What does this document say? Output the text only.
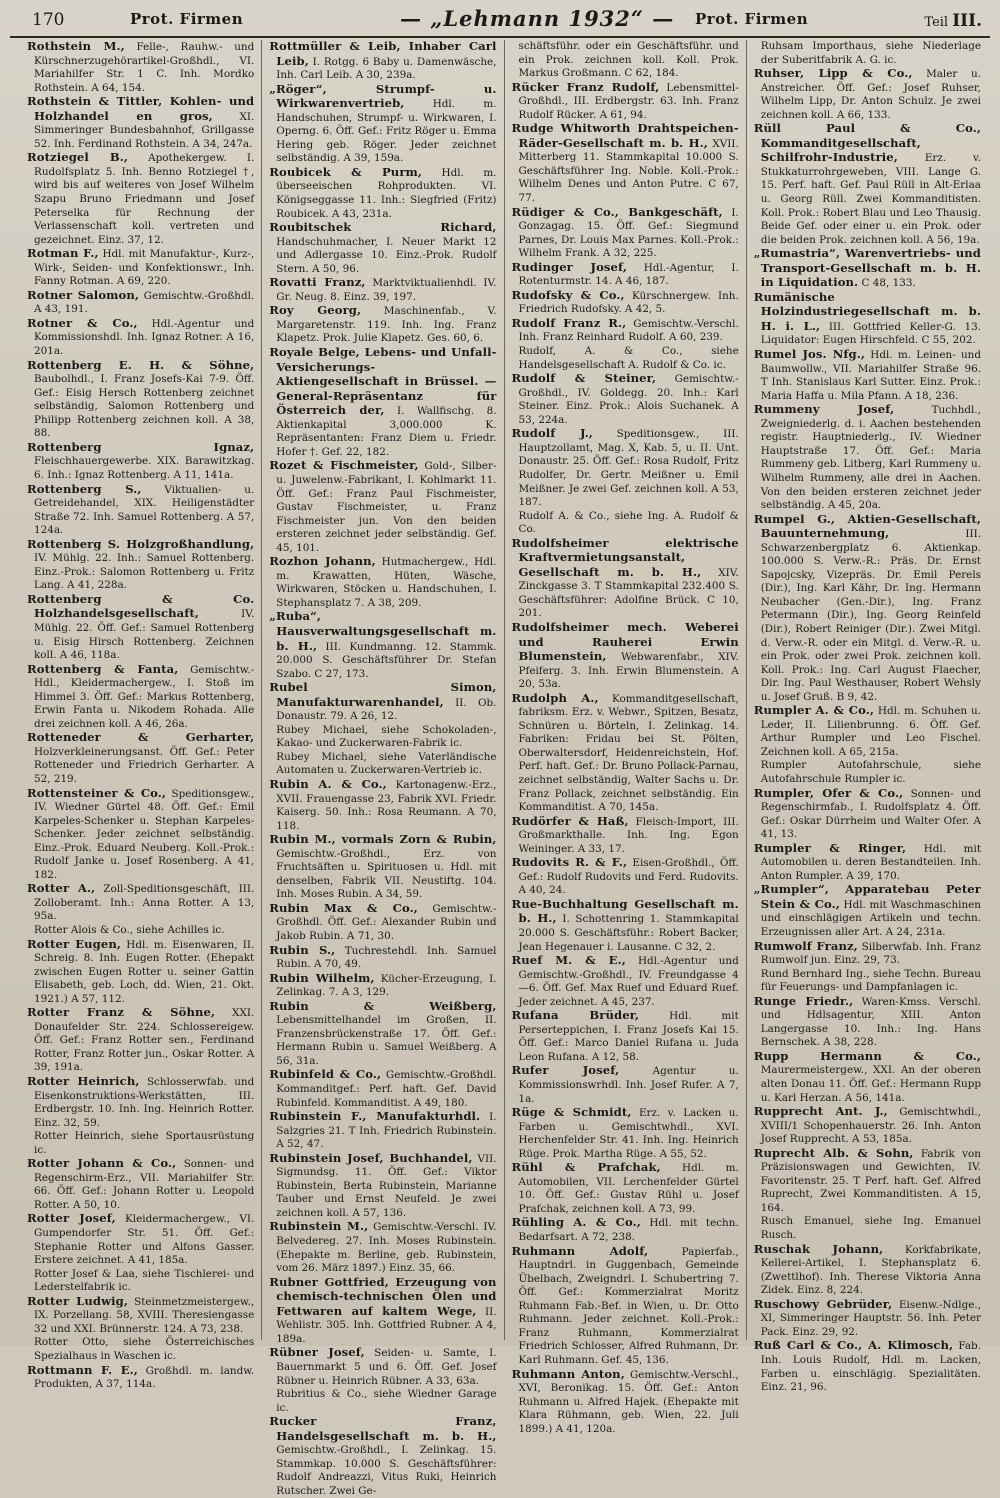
170	Prot. Firmen	— „Lehmann 1932“ — Prot. Firmen	Teil III.
Rothstein M., Felle-, Rauhw.- und Kürschnerzugehörartikel-Großhdl., VI. Mariahilfer Str. 1 C. Inh. Mordko Rothstein. A 64, 154.
Rothstein & Tittler, Kohlen- und Holzhandel en gros,	XI. Simmeringer Bundesbahnhof, Grillgasse 52. Inh. Ferdinand Rothstein. A 34, 247a.
Rotziegel B., Apothekergew. I. Rudolfsplatz 5. Inh. Benno Rotziegel †, wird bis auf weiteres von Josef Wilhelm Szapu Bruno Friedmann und Josef Peterselka für Rechnung der Verlassenschaft koll. vertreten und gezeichnet. Einz. 37, 12.
Rotman F., Hdl. mit Manufaktur-, Kurz-, Wirk-, Seiden- und Konfektionswr., Inh. Fanny Rotman. A 69, 220.
Rotner Salomon, Gemischtw.-Großhdl. A 43, 191.
Rotner & Co., Hdl.-Agentur und Kommissionshdl. Inh. Ignaz Rotner. A 16, 201a.
Rottenberg E. H. & Söhne, Baubolhdl., I. Franz Josefs-Kai 7-9. Öff. Gef.: Eisig Hersch Rottenberg zeichnet selbständig, Salomon Rottenberg und Philipp Rottenberg zeichnen koll. A 38, 88.
Rottenberg Ignaz, Fleischhauergewerbe. XIX. Barawitzkag. 6. Inh.: Ignaz Rottenberg. A 11, 141a.
Rottenberg S., Viktualien- u. Getreidehandel, XIX. Heiligenstädter Straße 72. Inh. Samuel Rottenberg. A 57, 124a.
Rottenberg S. Holzgroßhandlung, IV. Mühlg. 22. Inh.: Samuel Rottenberg. Einz.-Prok.: Salomon Rottenberg u. Fritz Lang. A 41, 228a.
Rottenberg & Co. Holzhandelsgesellschaft,	IV. Mühlg. 22. Öff. Gef.: Samuel Rottenberg u. Eisig Hirsch Rottenberg. Zeichnen koll. A 46, 118a.
Rottenberg & Fanta, Gemischtw.-Hdl., Kleidermachergew., I. Stoß im Himmel 3. Öff. Gef.: Markus Rottenberg, Erwin Fanta u. Nikodem Rohada. Alle drei zeichnen koll. A 46, 26a.
Rotteneder & Gerharter, Holzverkleinerungsanst. Öff. Gef.: Peter Rotteneder und Friedrich Gerharter. A 52, 219.
Rottensteiner & Co., Speditionsgew., IV. Wiedner Gürtel 48. Öff. Gef.: Emil Karpeles-Schenker u. Stephan Karpeles-Schenker. Jeder zeichnet selbständig. Einz.-Prok. Eduard Neuberg. Koll.-Prok.: Rudolf Janke u. Josef Rosenberg. A 41, 182.
Rotter A., Zoll-Speditionsgeschäft, III. Zolloberamt. Inh.: Anna Rotter. A 13, 95a.
Rotter Alois & Co., siehe Achilles ic.
Rotter Eugen, Hdl. m. Eisenwaren, II. Schreig. 8. Inh. Eugen Rotter. (Ehepakt zwischen Eugen Rotter u. seiner Gattin Elisabeth, geb. Loch, dd. Wien, 21. Okt. 1921.) A 57, 112.
Rotter Franz & Söhne, XXI. Donaufelder Str. 224. Schlossereigew. Öff. Gef.: Franz Rotter sen., Ferdinand Rotter, Franz Rotter jun., Oskar Rotter. A 39, 191a.
Rotter Heinrich, Schlosserwfab. und Eisenkonstruktions-Werkstätten, III. Erdbergstr. 10. Inh. Ing. Heinrich Rotter. Einz. 32, 59.
Rotter Heinrich, siehe Sportausrüstung ic.
Rotter Johann & Co., Sonnen- und Regenschirm-Erz., VII. Mariahilfer Str. 66. Öff. Gef.: Johann Rotter u. Leopold Rotter. A 50, 10.
Rotter Josef, Kleidermachergew., VI. Gumpendorfer Str. 51. Öff. Gef.: Stephanie Rotter und Alfons Gasser. Erstere zeichnet. A 41, 185a.
Rotter Josef & Laa, siehe Tischlerei- und Lederstelfabrik ic.
Rotter Ludwig, Steinmetzmeistergew., IX. Porzellang. 58, XVIII. Theresiengasse 32 und XXI. Brünnerstr. 124. A 73, 238.
Rotter Otto, siehe Österreichisches Spezialhaus in Waschen ic.
Rottmann F. E., Großhdl. m. landw. Produkten, A 37, 114a.
Rottmüller & Leib, Inhaber Carl Leib, I. Rotgg. 6 Baby u. Damenwäsche, Inh. Carl Leib. A 30, 239a.
„Röger“, Strumpf- u. Wirkwarenvertrieb,	Hdl. m. Handschuhen, Strumpf- u. Wirkwaren, I. Operng. 6. Öff. Gef.: Fritz Röger u. Emma Hering geb. Röger. Jeder zeichnet selbständig. A 39, 159a.
Roubicek & Purm, Hdl. m. überseeischen Rohprodukten. VI. Königseggasse 11. Inh.: Siegfried (Fritz) Roubicek. A 43, 231a.
Roubitschek Richard, Handschuhmacher, I. Neuer Markt 12 und Adlergasse 10. Einz.-Prok. Rudolf Stern. A 50, 96.
Rovatti Franz, Marktviktualienhdl. IV. Gr. Neug. 8. Einz. 39, 197.
Roy Georg, Maschinenfab., V. Margaretenstr. 119. Inh. Ing. Franz Klapetz. Prok. Julie Klapetz. Ges. 60, 6.
Royale Belge, Lebens- und Unfall-Versicherungs-Aktiengesellschaft in Brüssel. — General-Repräsentanz für Österreich der, I. Wallfischg. 8. Aktienkapital 3,000.000 K. Repräsentanten: Franz Diem u. Friedr. Hofer †. Gef. 22, 182.
Rozet & Fischmeister, Gold-, Silber- u. Juwelenw.-Fabrikant, I. Kohlmarkt 11. Öff. Gef.: Franz Paul Fischmeister, Gustav Fischmeister, u. Franz Fischmeister jun. Von den beiden ersteren zeichnet jeder selbständig. Gef. 45, 101.
Rozhon Johann, Hutmachergew., Hdl. m. Krawatten, Hüten, Wäsche, Wirkwaren, Stöcken u. Handschuhen, I. Stephansplatz 7. A 38, 209.
„Ruba“, Hausverwaltungsgesellschaft m. b. H., III. Kundmanng. 12. Stammk. 20.000 S. Geschäftsführer Dr. Stefan Szabo. C 27, 173.
Rubel Simon, Manufakturwarenhandel, II. Ob. Donaustr. 79. A 26, 12.
Rubey Michael, siehe Schokoladen-, Kakao- und Zuckerwaren-Fabrik ic.
Rubey Michael, siehe Vaterländische Automaten u. Zuckerwaren-Vertrieb ic.
Rubin A. & Co., Kartonagenw.-Erz., XVII. Frauengasse 23, Fabrik XVI. Friedr. Kaiserg. 50. Inh.: Rosa Reumann. A 70, 118.
Rubin M., vormals Zorn & Rubin, Gemischtw.-Großhdl., Erz. von Fruchtsäften u. Spirituosen u. Hdl. mit denselben, Fabrik VII. Neustiftg. 104. Inh. Moses Rubin. A 34, 59.
Rubin Max & Co., Gemischtw.-Großhdl. Öff. Gef.: Alexander Rubin und Jakob Rubin. A 71, 30.
Rubin S., Tuchrestehdl. Inh. Samuel Rubin. A 70, 49.
Rubin Wilhelm, Kücher-Erzeugung, I. Zelinkag. 7. A 3, 129.
Rubin & Weißberg, Lebensmittelhandel im Großen, II. Franzensbrückenstraße 17. Öff. Gef.: Hermann Rubin u. Samuel Weißberg. A 56, 31a.
Rubinfeld & Co., Gemischtw.-Großhdl. Kommanditgef.: Perf. haft. Gef. David Rubinfeld. Kommanditist. A 49, 180.
Rubinstein F., Manufakturhdl. I. Salzgries 21. T Inh. Friedrich Rubinstein. A 52, 47.
Rubinstein Josef, Buchhandel, VII. Sigmundsg. 11. Öff. Gef.: Viktor Rubinstein, Berta Rubinstein, Marianne Tauber und Ernst Neufeld. Je zwei zeichnen koll. A 57, 136.
Rubinstein M., Gemischtw.-Verschl. IV. Belvedereg. 27. Inh. Moses Rubinstein. (Ehepakte m. Berline, geb. Rubinstein, vom 26. März 1897.) Einz. 35, 66.
Rubner Gottfried, Erzeugung von chemisch-technischen Ölen und Fettwaren auf kaltem Wege, II. Wehlistr. 305. Inh. Gottfried Rubner. A 4, 189a.
Rübner Josef, Seiden- u. Samte, I. Bauernmarkt 5 und 6. Öff. Gef. Josef Rübner u. Heinrich Rübner. A 33, 63a.
Rubritius & Co., siehe Wiedner Garage ic.
Rucker Franz, Handelsgesellschaft m. b. H., Gemischtw.-Großhdl., I. Zelinkag. 15. Stammkap. 10.000 S. Geschäftsführer: Rudolf Andreazzi, Vitus Ruki, Heinrich Rutscher. Zwei Ge-
schäftsführ. oder ein Geschäftsführ. und ein Prok. zeichnen koll. Koll. Prok. Markus Großmann. C 62, 184.
Rücker Franz Rudolf, Lebensmittel-Großhdl., III. Erdbergstr. 63. Inh. Franz Rudolf Rücker. A 61, 94.
Rudge Whitworth Drahtspeichen-Räder-Gesellschaft m. b. H., XVII. Mitterberg 11. Stammkapital 10.000 S. Geschäftsführer Ing. Noble. Koll.-Prok.: Wilhelm Denes und Anton Putre. C 67, 77.
Rüdiger & Co., Bankgeschäft, I. Gonzagag. 15. Öff. Gef.: Siegmund Parnes, Dr. Louis Max Parnes. Koll.-Prok.: Wilhelm Frank. A 32, 225.
Rudinger Josef, Hdl.-Agentur, I. Rotenturmstr. 14. A 46, 187.
Rudofsky & Co., Kürschnergew. Inh. Friedrich Rudofsky. A 42, 5.
Rudolf Franz R., Gemischtw.-Verschl. Inh. Franz Reinhard Rudolf. A 60, 239.
Rudolf, A. & Co., siehe Handelsgesellschaft A. Rudolf & Co. ic.
Rudolf & Steiner, Gemischtw.-Großhdl., IV. Goldegg. 20. Inh.: Karl Steiner. Einz. Prok.: Alois Suchanek. A 53, 224a.
Rudolf J., Speditionsgew., III. Hauptzollamt, Mag. X, Kab. 5, u. II. Unt. Donaustr. 25. Öff. Gef.: Rosa Rudolf, Fritz Rudolfer, Dr. Gertr. Meißner u. Emil Meißner. Je zwei Gef. zeichnen koll. A 53, 187.
Rudolf A. & Co., siehe Ing. A. Rudolf & Co.
Rudolfsheimer elektrische Kraftvermietungsanstalt, Gesellschaft m. b. H., XIV. Zinckgasse 3. T Stammkapital 232.400 S. Geschäftsführer: Adolfine Brück. C 10, 201.
Rudolfsheimer mech. Weberei und Rauherei Erwin Blumenstein, Webwarenfabr., XIV. Pfeiferg. 3. Inh. Erwin Blumenstein. A 20, 53a.
Rudolph A., Kommanditgesellschaft, fabriksm. Erz. v. Webwr., Spitzen, Besatz, Schnüren u. Börteln, I. Zelinkag. 14. Fabriken: Fridau bei St. Pölten, Oberwaltersdorf, Heidenreichstein, Hof. Perf. haft. Gef.: Dr. Bruno Pollack-Parnau, zeichnet selbständig, Walter Sachs u. Dr. Franz Pollack, zeichnet selbständig. Ein Kommanditist. A 70, 145a.
Rudörfer & Haß, Fleisch-Import, III. Großmarkthalle. Inh. Ing. Egon Weininger. A 33, 17.
Rudovits R. & F., Eisen-Großhdl., Öff. Gef.: Rudolf Rudovits und Ferd. Rudovits. A 40, 24.
Rue-Buchhaltung Gesellschaft m. b. H., I. Schottenring 1. Stammkapital 20.000 S. Geschäftsführ.: Robert Backer, Jean Hegenauer i. Lausanne. C 32, 2.
Ruef M. & E., Hdl.-Agentur und Gemischtw.-Großhdl., IV. Freundgasse 4—6. Öff. Gef. Max Ruef und Eduard Ruef. Jeder zeichnet. A 45, 237.
Rufana Brüder,	Hdl. mit Perserteppichen, I. Franz Josefs Kai 15. Öff. Gef.: Marco Daniel Rufana u. Juda Leon Rufana. A 12, 58.
Rufer Josef,	Agentur u. Kommissionswrhdl. Inh. Josef Rufer. A 7, 1a.
Rüge & Schmidt, Erz. v. Lacken u. Farben u. Gemischtwhdl., XVI. Herchenfelder Str. 41. Inh. Ing. Heinrich Rüge. Prok. Martha Rüge. A 55, 52.
Rühl & Prafchak, Hdl. m. Automobilen, VII. Lerchenfelder Gürtel 10. Öff. Gef.: Gustav Rühl u. Josef Prafchak, zeichnen koll. A 73, 99.
Rühling A. & Co., Hdl. mit techn. Bedarfsart. A 72, 238.
Ruhmann Adolf,	Papierfab., Hauptndrl. in Guggenbach, Gemeinde Übelbach, Zweigndrl. I. Schubertring 7. Öff. Gef.: Kommerzialrat Moritz Ruhmann Fab.-Bef. in Wien, u. Dr. Otto Ruhmann. Jeder zeichnet. Koll.-Prok.: Franz Ruhmann, Kommerzialrat Friedrich Schlosser, Alfred Ruhmann, Dr. Karl Ruhmann. Gef. 45, 136.
Ruhmann Anton, Gemischtw.-Verschl., XVI, Beronikag. 15. Öff. Gef.: Anton Ruhmann u. Alfred Hajek. (Ehepakte mit Klara Rühmann, geb. Wien, 22. Juli 1899.) A 41, 120a.
Ruhsam Importhaus, siehe Niederlage der Suberitfabrik A. G. ic.
Ruhser, Lipp & Co., Maler u. Anstreicher. Öff. Gef.: Josef Ruhser, Wilhelm Lipp, Dr. Anton Schulz. Je zwei zeichnen koll. A 66, 133.
Rüll Paul & Co., Kommanditgesellschaft, Schilfrohr-Industrie,	Erz. v. Stukkaturrohrgeweben, VIII. Lange G. 15. Perf. haft. Gef. Paul Rüll in Alt-Erlaa u. Georg Rüll. Zwei Kommanditisten. Koll. Prok.: Robert Blau und Leo Thausig. Beide Gef. oder einer u. ein Prok. oder die beiden Prok. zeichnen koll. A 56, 19a.
„Rumastria“, Warenvertriebs- und Transport-Gesellschaft m. b. H. in Liquidation. C 48, 133.
Rumänische Holzindustriegesellschaft m. b. H. i. L., III. Gottfried Keller-G. 13. Liquidator: Eugen Hirschfeld. C 55, 202.
Rumel Jos. Nfg., Hdl. m. Leinen- und Baumwollw., VII. Mariahilfer Straße 96. T Inh. Stanislaus Karl Sutter. Einz. Prok.: Maria Haffa u. Mila Pfann. A 18, 236.
Rummeny Josef,	Tuchhdl., Zweigniederlg. d. i. Aachen bestehenden registr. Hauptniederlg., IV. Wiedner Hauptstraße 17. Öff. Gef.: Maria Rummeny geb. Litberg, Karl Rummeny u. Wilhelm Rummeny, alle drei in Aachen. Von den beiden ersteren zeichnet jeder selbständig. A 45, 20a.
Rumpel G., Aktien-Gesellschaft, Bauunternehmung,	III. Schwarzenbergplatz 6. Aktienkap. 100.000 S. Verw.-R.: Präs. Dr. Ernst Sapojcsky, Vizepräs. Dr. Emil Perels (Dir.), Ing. Karl Kähr, Dr. Ing. Hermann Neubacher (Gen.-Dir.), Ing. Franz Petermann (Dir.), Ing. Georg Reinfeld (Dir.), Robert Reiniger (Dir.). Zwei Mitgl. d. Verw.-R. oder ein Mitgl. d. Verw.-R. u. ein Prok. oder zwei Prok. zeichnen koll. Koll. Prok.: Ing. Carl August Flaecher, Dir. Ing. Paul Westhauser, Robert Wehsly u. Josef Gruß. B 9, 42.
Rumpler A. & Co., Hdl. m. Schuhen u. Leder, II. Lilienbrunng. 6. Öff. Gef. Arthur Rumpler und Leo Fischel. Zeichnen koll. A 65, 215a.
Rumpler Autofahrschule, siehe Autofahrschule Rumpler ic.
Rumpler, Ofer & Co., Sonnen- und Regenschirmfab., I. Rudolfsplatz 4. Öff. Gef.: Oskar Dürrheim und Walter Ofer. A 41, 13.
Rumpler & Ringer, Hdl. mit Automobilen u. deren Bestandteilen. Inh. Anton Rumpler. A 39, 170.
„Rumpler“, Apparatebau Peter Stein & Co., Hdl. mit Waschmaschinen und einschlägigen Artikeln und techn. Erzeugnissen aller Art. A 24, 231a.
Rumwolf Franz, Silberwfab. Inh. Franz Rumwolf jun. Einz. 29, 73.
Rund Bernhard Ing., siehe Techn. Bureau für Feuerungs- und Dampfanlagen ic.
Runge Friedr., Waren-Kmss. Verschl. und Hdlsagentur, XIII. Anton Langergasse 10. Inh.: Ing. Hans Bernschek. A 38, 228.
Rupp Hermann & Co., Maurermeistergew., XXI. An der oberen alten Donau 11. Öff. Gef.: Hermann Rupp u. Karl Herzan. A 56, 141a.
Rupprecht Ant. J., Gemischtwhdl., XVIII/1 Schopenhauerstr. 26. Inh. Anton Josef Rupprecht. A 53, 185a.
Ruprecht Alb. & Sohn, Fabrik von Präzisionswagen und Gewichten, IV. Favoritenstr. 25. T Perf. haft. Gef. Alfred Ruprecht, Zwei Kommanditisten. A 15, 164.
Rusch Emanuel, siehe Ing. Emanuel Rusch.
Ruschak Johann, Korkfabrikate, Kellerei-Artikel, I. Stephansplatz 6. (Zwettlhof). Inh. Therese Viktoria Anna Zidek. Einz. 8, 224.
Ruschowy Gebrüder, Eisenw.-Ndlge., XI, Simmeringer Hauptstr. 56. Inh. Peter Pack. Einz. 29, 92.
Ruß Carl & Co., A. Klimosch, Fab. Inh. Louis Rudolf, Hdl. m. Lacken, Farben u. einschlägig. Spezialitäten. Einz. 21, 96.
